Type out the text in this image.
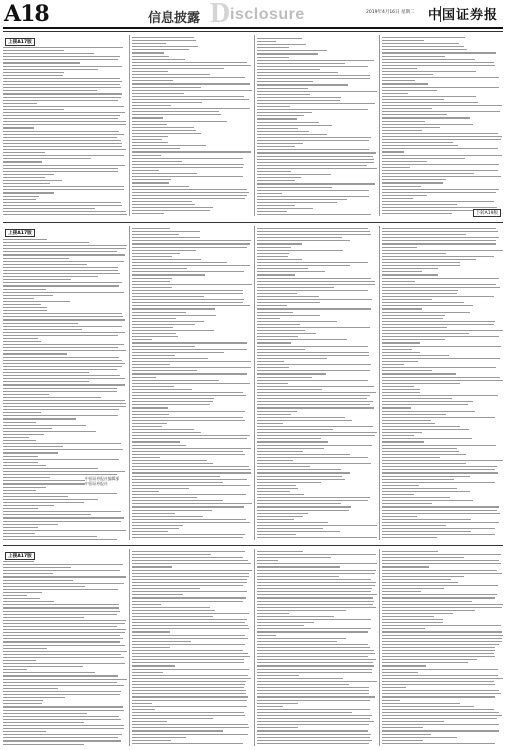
A18	信息披露 D isclosure	2019年4月16日 星期二 中国证券报
上接A17版
上接A17版
中国证券报社编辑部
中国证券报社
下转A19版
上接A17版
